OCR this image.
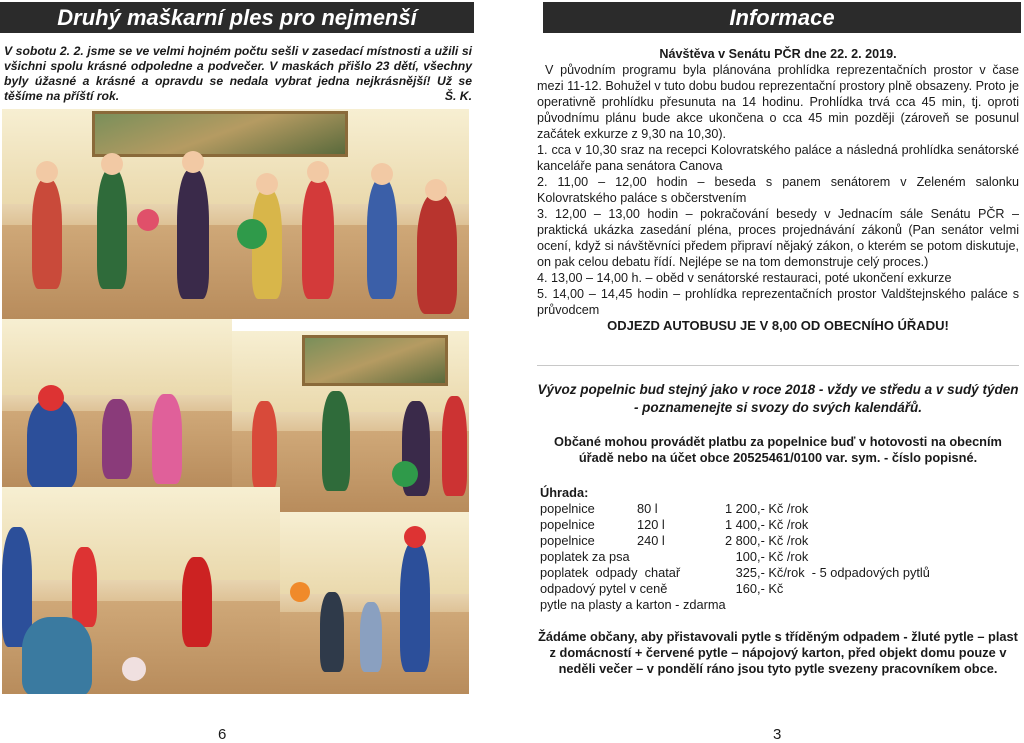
Druhý maškarní ples pro nejmenší
V sobotu 2. 2. jsme se ve velmi hojném počtu sešli v zasedací místnosti a užili si všichni spolu krásné odpoledne a podvečer. V maskách přišlo 23 dětí, všechny byly úžasné a krásné a opravdu se nedala vybrat jedna nejkrásnější! Už se těšíme na příští rok.	Š. K.
6
Informace
Návštěva v Senátu PČR dne 22. 2. 2019.

V původním programu byla plánována prohlídka reprezentačních prostor v čase mezi 11-12. Bohužel v tuto dobu budou reprezentační prostory plně obsazeny. Proto je operativně prohlídku přesunuta na 14 hodinu. Prohlídka trvá cca 45 min, tj. oproti původnímu plánu bude akce ukončena o cca 45 min později (zároveň se posunul začátek exkurze z 9,30 na 10,30).

1. cca v 10,30 sraz na recepci Kolovratského paláce a následná prohlídka senátorské kanceláře pana senátora Canova

2. 11,00 – 12,00 hodin – beseda s panem senátorem v Zeleném salonku Kolovratského paláce s občerstvením

3. 12,00 – 13,00 hodin – pokračování besedy v Jednacím sále Senátu PČR – praktická ukázka zasedání pléna, proces projednávání zákonů (Pan senátor velmi ocení, když si návštěvníci předem připraví nějaký zákon, o kterém se potom diskutuje, on pak celou debatu řídí. Nejlépe se na tom demonstruje celý proces.)

4. 13,00 – 14,00 h. – oběd v senátorské restauraci, poté ukončení exkurze

5. 14,00 – 14,45 hodin – prohlídka reprezentačních prostor Valdštejnského paláce s průvodcem

ODJEZD AUTOBUSU JE V 8,00 OD OBECNÍHO ÚŘADU!

Vývoz popelnic bud stejný jako v roce 2018 - vždy ve středu a v sudý týden - poznamenejte si svozy do svých kalendářů.
Občané mohou provádět platbu za popelnice buď v hotovosti na obecním úřadě nebo na účet obce 20525461/0100 var. sym. - číslo popisné.
Úhrada:
popelnice	80 l	1 200,- Kč /rok
popelnice	120 l	1 400,- Kč /rok
popelnice	240 l	2 800,- Kč /rok
poplatek za psa	100,- Kč /rok
poplatek  odpady  chatař	325,- Kč/rok  - 5 odpadových pytlů
odpadový pytel v ceně	160,- Kč
pytle na plasty a karton - zdarma
Žádáme občany, aby přistavovali pytle s tříděným odpadem - žluté pytle – plast z domácností + červené pytle – nápojový karton, před objekt domu pouze v neděli večer – v pondělí ráno jsou tyto pytle svezeny pracovníkem obce.
3
